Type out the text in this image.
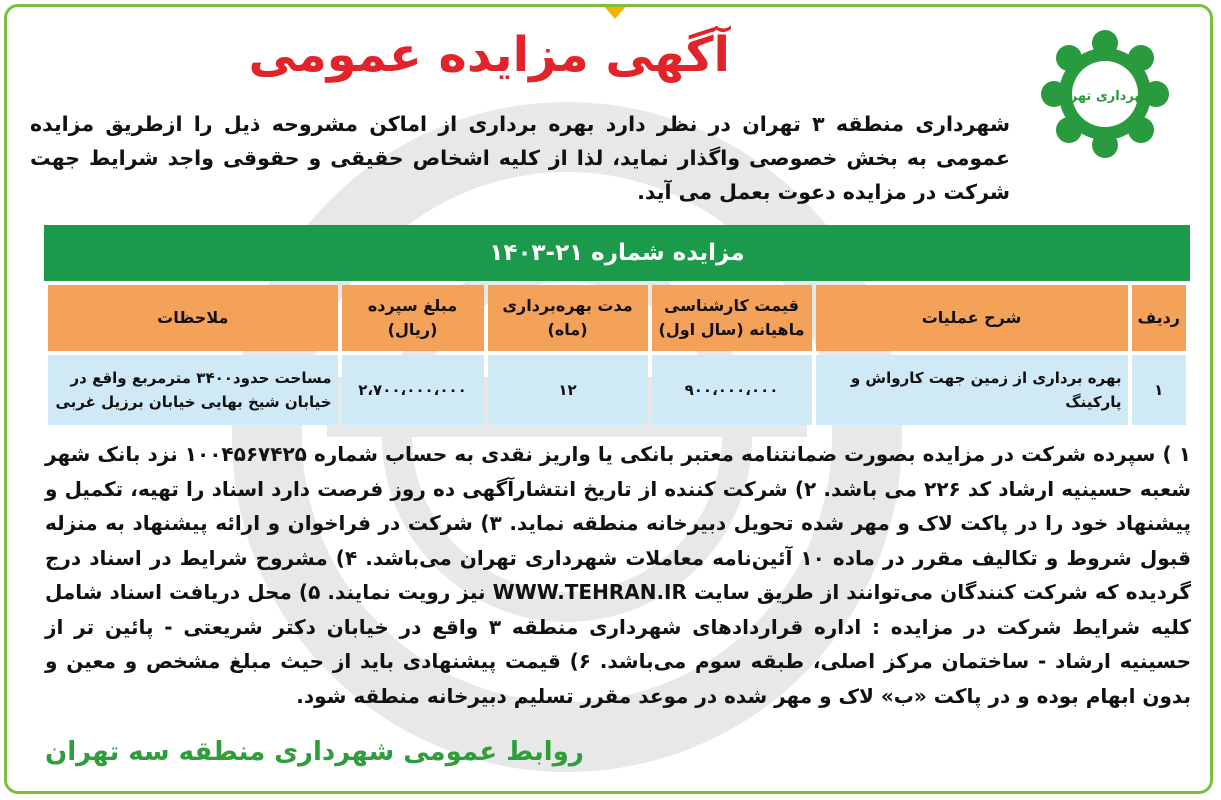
شهرداری تهران
آگهی مزایده عمومی
شهرداری منطقه ۳ تهران در نظر دارد بهره برداری از اماکن مشروحه ذیل را ازطریق مزایده عمومی به بخش خصوصی واگذار نماید، لذا از کلیه اشخاص حقیقی و حقوقی واجد شرایط جهت شرکت در مزایده دعوت بعمل می آید.
مزایده شماره ۲۱-۱۴۰۳
ردیف	شرح عملیات	قیمت کارشناسی ماهیانه (سال اول)	مدت بهره‌برداری (ماه)	مبلغ سپرده (ریال)	ملاحظات
۱	بهره برداری از زمین جهت کارواش و پارکینگ	۹۰۰،۰۰۰،۰۰۰	۱۲	۲،۷۰۰،۰۰۰،۰۰۰	مساحت حدود۳۴۰۰ مترمربع واقع در خیابان شیخ بهایی خیابان برزیل غربی
۱ ) سپرده شرکت در مزایده بصورت ضمانتنامه معتبر بانکی یا واریز نقدی به حساب شماره ۱۰۰۴۵۶۷۴۲۵ نزد بانک شهر شعبه حسینیه ارشاد کد ۲۲۶ می باشد. ۲) شرکت کننده از تاریخ انتشارآگهی ده روز فرصت دارد اسناد را تهیه، تکمیل و پیشنهاد خود را در پاکت لاک و مهر شده تحویل دبیرخانه منطقه نماید. ۳) شرکت در فراخوان و ارائه پیشنهاد به منزله قبول شروط و تکالیف مقرر در ماده ۱۰ آئین‌نامه معاملات شهرداری تهران می‌باشد. ۴) مشروح شرایط در اسناد درج گردیده که شرکت کنندگان می‌توانند از طریق سایت WWW.TEHRAN.IR نیز رویت نمایند. ۵) محل دریافت اسناد شامل کلیه شرایط شرکت در مزایده : اداره قراردادهای شهرداری منطقه ۳ واقع در خیابان دکتر شریعتی - پائین تر از حسینیه ارشاد - ساختمان مرکز اصلی، طبقه سوم می‌باشد. ۶) قیمت پیشنهادی باید از حیث مبلغ مشخص و معین و بدون ابهام بوده و در پاکت «ب» لاک و مهر شده در موعد مقرر تسلیم دبیرخانه منطقه شود.
روابط عمومی شهرداری منطقه سه تهران
